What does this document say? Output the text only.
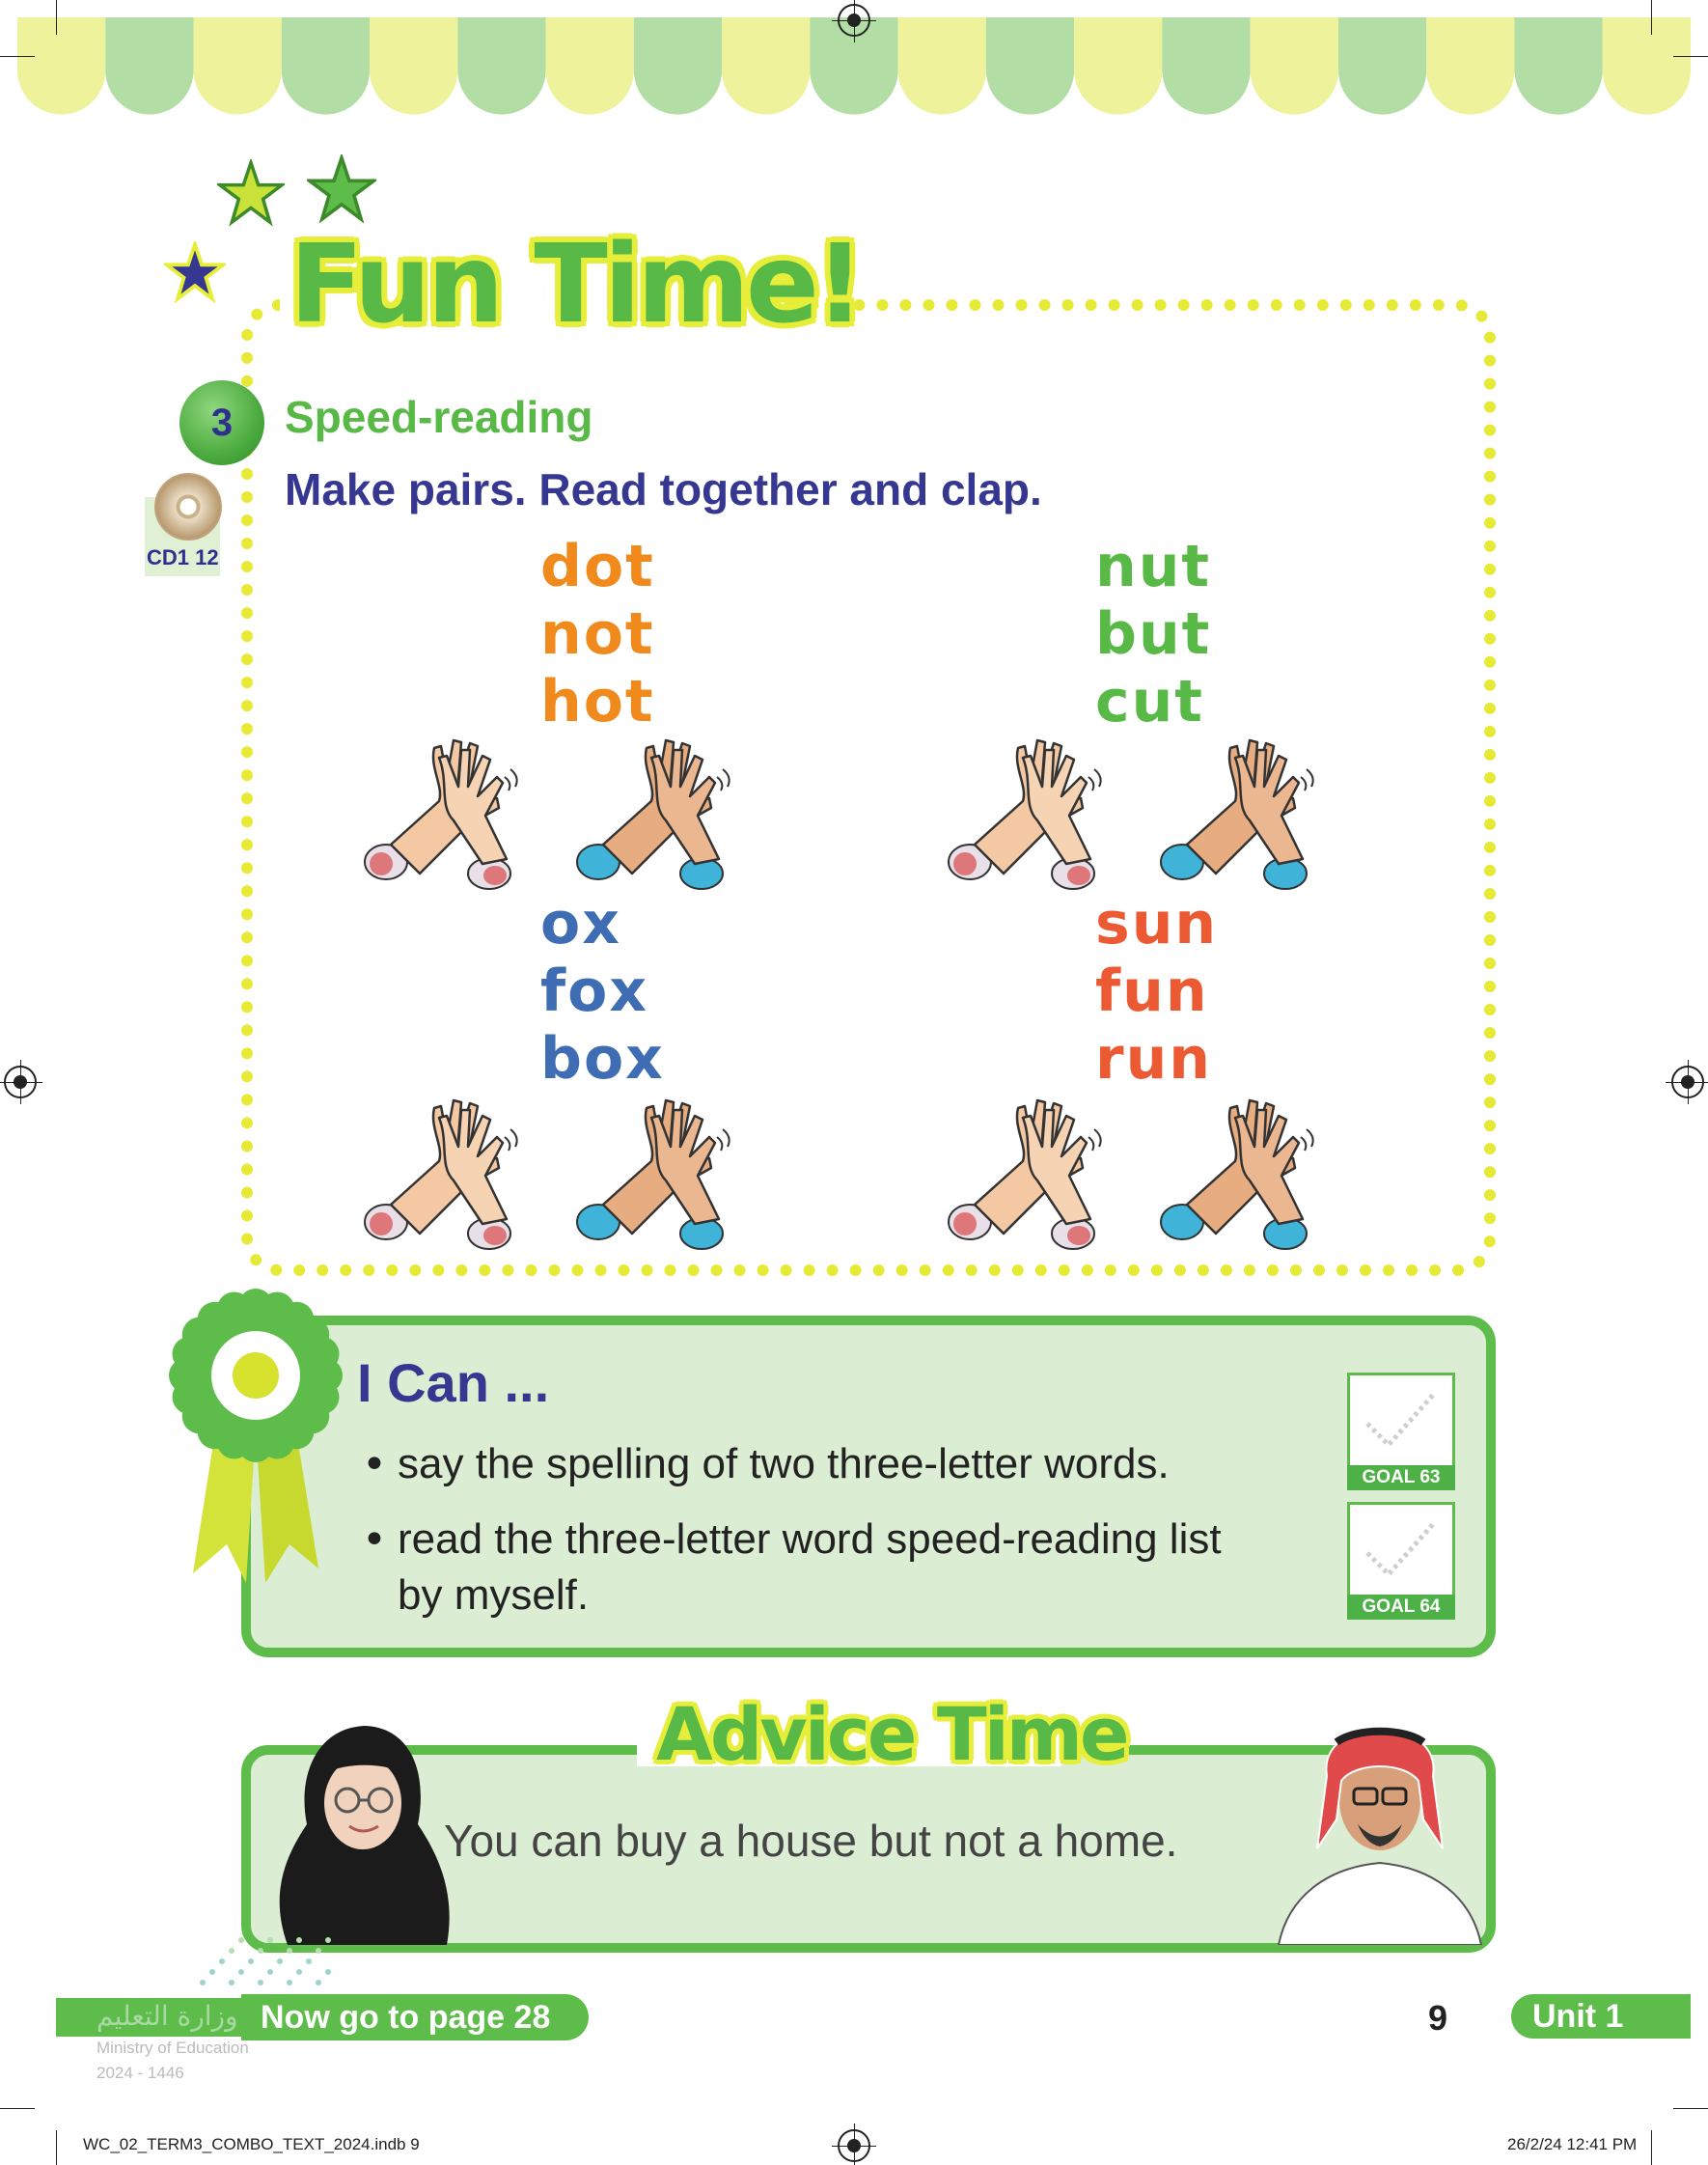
Fun Time!
3 Speed-reading
Make pairs. Read together and clap.
CD1 12	dot
not
hot
nut
but
cut
ox
fox
box
sun
fun
run
I Can ...
• say the spelling of two three-letter words.
• read the three-letter word speed-reading list
by myself.
GOAL 63
GOAL 64
Advice Time
You can buy a house but not a home.
وزارة التعليم Now go to page 28
Ministry of Education
2024 - 1446
9	Unit 1
WC_02_TERM3_COMBO_TEXT_2024.indb 9	26/2/24 12:41 PM
